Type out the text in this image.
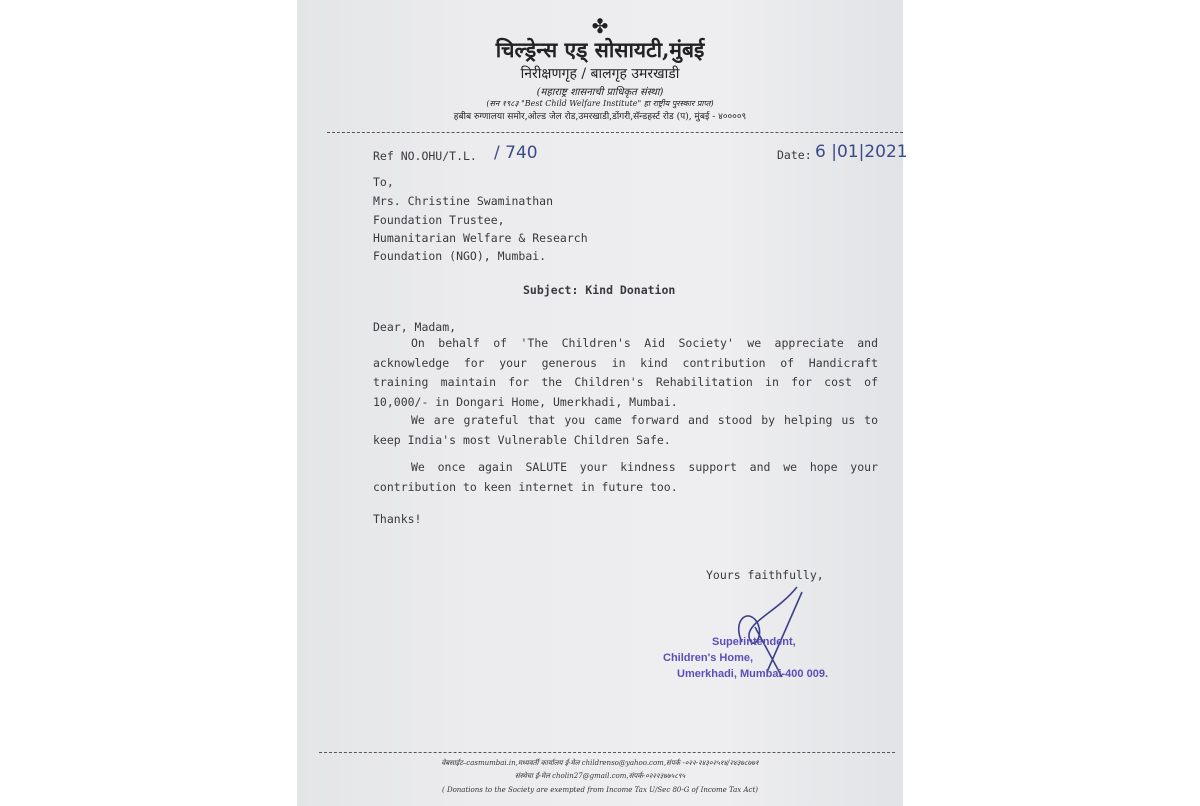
✤
चिल्ड्रेन्स एड् सोसायटी,मुंबई
निरीक्षणगृह / बालगृह उमरखाडी
(महाराष्ट्र शासनाची प्राधिकृत संस्था)
(सन १९८३ "Best Child Welfare Institute" हा राष्ट्रीय पुरस्कार प्राप्त)
हबीब रुग्णालया समोर,ओल्ड जेल रोड,उमरखाडी,डोंगरी,सॅन्डहर्स्ट रोड (प), मुंबई - ४००००९
Ref NO.OHU/T.L. / 740	Date: 6 |01|2021
To,
Mrs. Christine Swaminathan
Foundation Trustee,
Humanitarian Welfare & Research
Foundation (NGO), Mumbai.
Subject: Kind Donation
Dear, Madam,
On behalf of 'The Children's Aid Society' we appreciate and acknowledge for your generous in kind contribution of Handicraft training maintain for the Children's Rehabilitation in for cost of 10,000/- in Dongari Home, Umerkhadi, Mumbai.
We are grateful that you came forward and stood by helping us to keep India's most Vulnerable Children Safe.
We once again SALUTE your kindness support and we hope your contribution to keen internet in future too.
Thanks!
Yours faithfully,
Superintendent,
Children's Home,
Umerkhadi, Mumbai-400 009.
वेबसाईट–casmumbai.in,मध्यवर्ती कार्यालय ई-मेल childrenso@yahoo.com,संपर्क -०२२-२४३०२५१४/२४३७८७७१
संस्थेचा ई-मेल cholin27@gmail.com,संपर्क-०२२२३७७५८९५
( Donations to the Society are exempted from Income Tax U/Sec 80-G of Income Tax Act)
